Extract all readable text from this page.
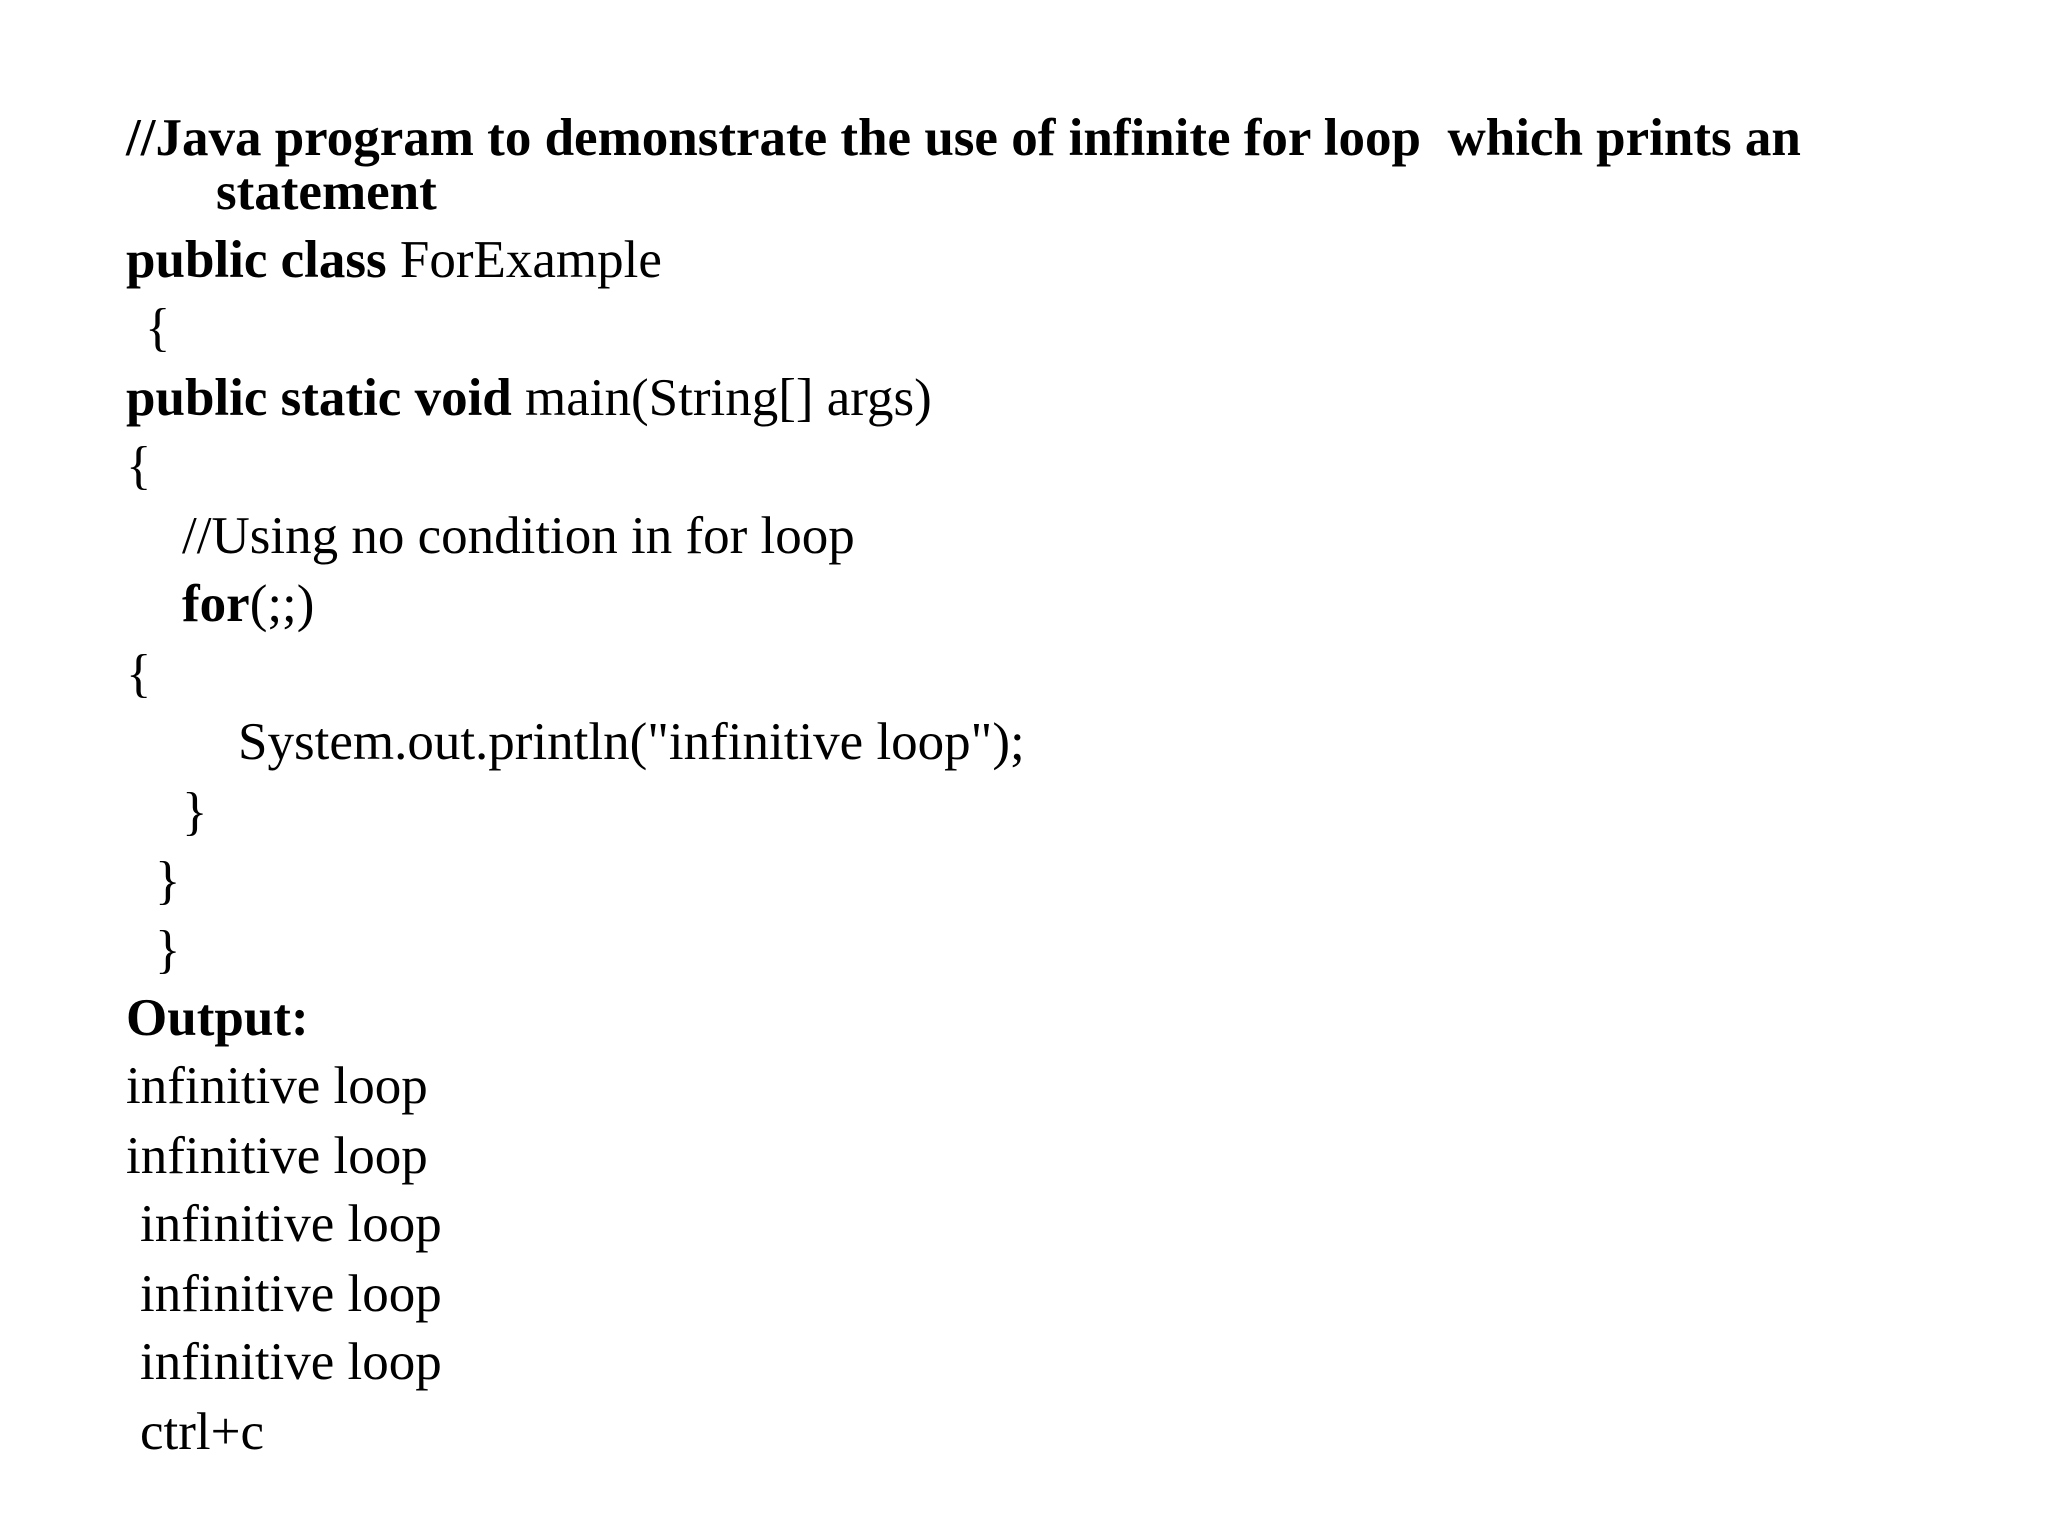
//Java program to demonstrate the use of infinite for loop  which prints an
statement
public class ForExample
{
public static void main(String[] args)
{
//Using no condition in for loop
for(;;)
{
System.out.println("infinitive loop");
}
}
}
Output:
infinitive loop
infinitive loop
infinitive loop
infinitive loop
infinitive loop
ctrl+c
